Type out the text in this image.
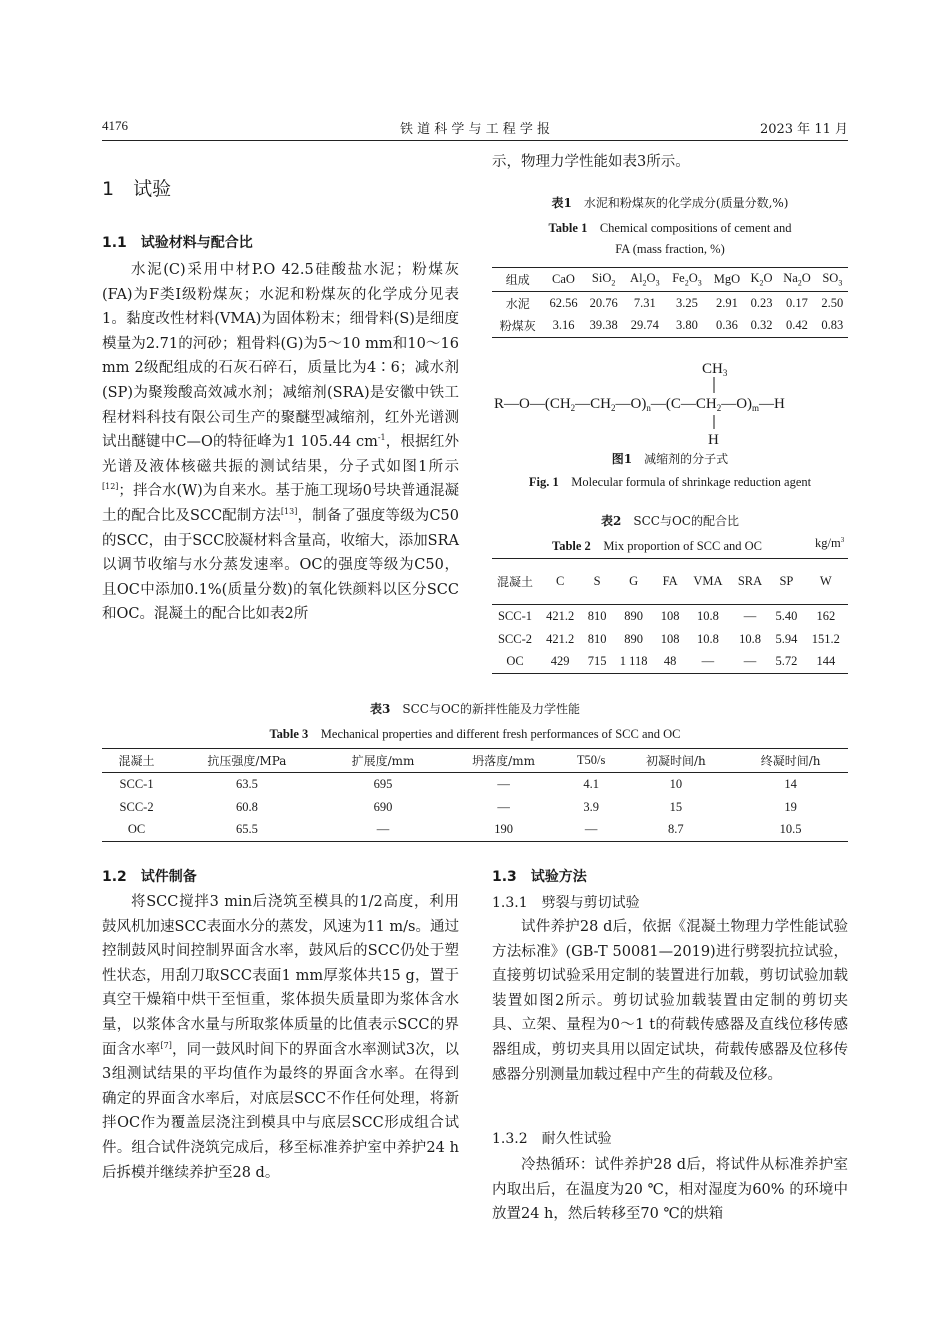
4176	铁 道 科 学 与 工 程 学 报	2023 年 11 月
1　试验
1.1　试验材料与配合比

水泥(C)采用中材P.O 42.5硅酸盐水泥；粉煤灰(FA)为F类Ⅰ级粉煤灰；水泥和粉煤灰的化学成分见表1。黏度改性材料(VMA)为固体粉末；细骨料(S)是细度模量为2.71的河砂；粗骨料(G)为5～10 mm和10～16 mm 2级配组成的石灰石碎石，质量比为4∶6；减水剂(SP)为聚羧酸高效减水剂；减缩剂(SRA)是安徽中铁工程材料科技有限公司生产的聚醚型减缩剂，红外光谱测试出醚键中C—O的特征峰为1 105.44 cm$^{-1}$，根据红外光谱及液体核磁共振的测试结果，分子式如图1所示[12]；拌合水(W)为自来水。基于施工现场0号块普通混凝土的配合比及SCC配制方法[13]，制备了强度等级为C50的SCC，由于SCC胶凝材料含量高，收缩大，添加SRA以调节收缩与水分蒸发速率。OC的强度等级为C50，且OC中添加0.1%(质量分数)的氧化铁颜料以区分SCC和OC。混凝土的配合比如表2所

示，物理力学性能如表3所示。

表1　 水泥和粉煤灰的化学成分(质量分数,%)
Table 1　 Chemical compositions of cement and
FA (mass fraction, %)
组成	CaO	SiO$_2$	$Al_2O_3$	$Fe_2O_3$	MgO	$K_2O$	$Na_2O$	$SO_3$
水泥	62.56	20.76	7.31	3.25	2.91	0.23	0.17	2.50
粉煤灰	3.16	39.38	29.74	3.80	0.36	0.32	0.42	0.83
$CH_3$
$R—O—(CH_2—CH_2—O)_n—(C—CH_2—O)_m—H$
H
图1　 减缩剂的分子式
Fig. 1　 Molecular formula of shrinkage reduction agent
表2　 SCC与OC的配合比
Table 2　 Mix proportion of SCC and OC	$kg/m^3$
混凝土	C	S	G	FA	VMA	SRA	SP	W
SCC-1	421.2	810	890	108	10.8	—	5.40	162
SCC-2	421.2	810	890	108	10.8	10.8	5.94	151.2
OC	429	715	1 118	48	—	—	5.72	144
表3　 SCC与OC的新拌性能及力学性能
Table 3　 Mechanical properties and different fresh performances of SCC and OC
混凝土	抗压强度/MPa	扩展度/mm	坍落度/mm	T50/s	初凝时间/h	终凝时间/h
SCC-1	63.5	695	—	4.1	10	14
SCC-2	60.8	690	—	3.9	15	19
OC	65.5	—	190	—	8.7	10.5
1.2　试件制备

将SCC搅拌3 min后浇筑至模具的1/2高度，利用鼓风机加速SCC表面水分的蒸发，风速为11 m/s。通过控制鼓风时间控制界面含水率，鼓风后的SCC仍处于塑性状态，用刮刀取SCC表面1 mm厚浆体共15 g，置于真空干燥箱中烘干至恒重，浆体损失质量即为浆体含水量，以浆体含水量与所取浆体质量的比值表示SCC的界面含水率[7]，同一鼓风时间下的界面含水率测试3次，以3组测试结果的平均值作为最终的界面含水率。在得到确定的界面含水率后，对底层SCC不作任何处理，将新拌OC作为覆盖层浇注到模具中与底层SCC形成组合试件。组合试件浇筑完成后，移至标准养护室中养护24 h后拆模并继续养护至28 d。

1.3　试验方法
1.3.1　劈裂与剪切试验

试件养护28 d后，依据《混凝土物理力学性能试验方法标准》(GB-T 50081—2019)进行劈裂抗拉试验，直接剪切试验采用定制的装置进行加载，剪切试验加载装置如图2所示。剪切试验加载装置由定制的剪切夹具、立架、量程为0～1 t的荷载传感器及直线位移传感器组成，剪切夹具用以固定试块，荷载传感器及位移传感器分别测量加载过程中产生的荷载及位移。

1.3.2　耐久性试验

冷热循环：试件养护28 d后，将试件从标准养护室内取出后，在温度为20 ℃，相对湿度为60% 的环境中放置24 h，然后转移至70 ℃的烘箱
